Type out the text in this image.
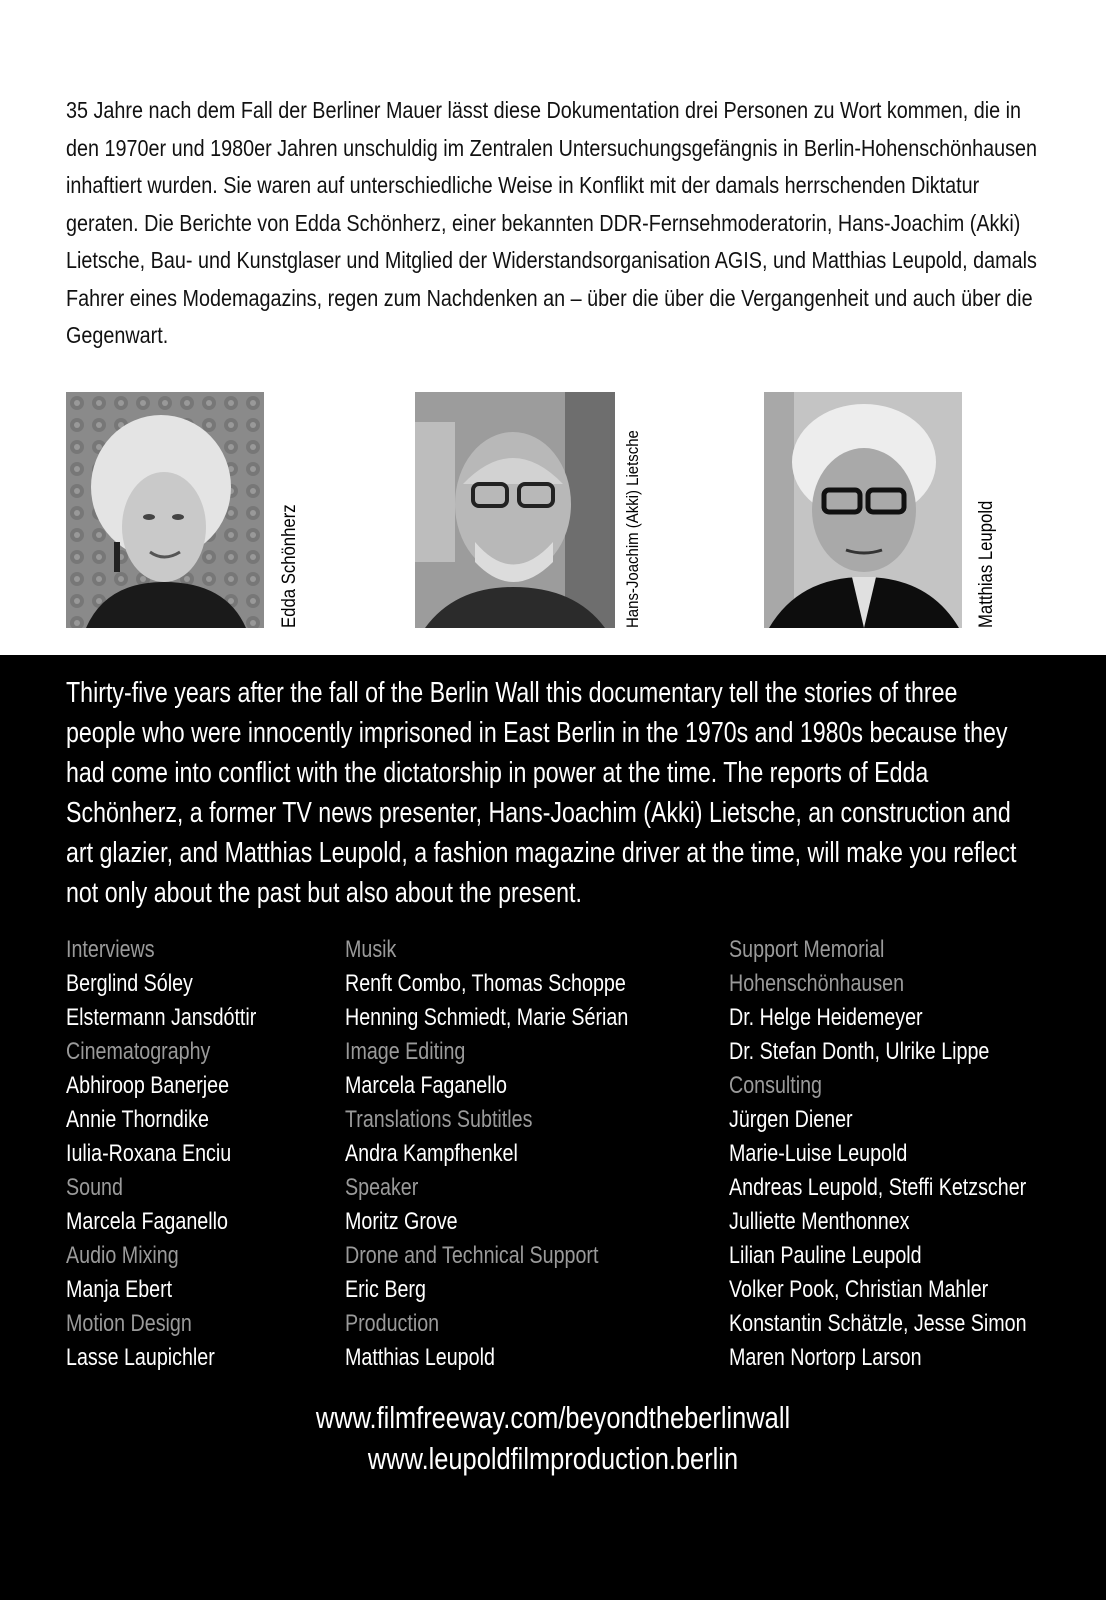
35 Jahre nach dem Fall der Berliner Mauer lässt diese Dokumentation drei Personen zu Wort kommen, die in den 1970er und 1980er Jahren unschuldig im Zentralen Untersuchungsgefängnis in Berlin-Hohenschönhausen inhaftiert wurden. Sie waren auf unterschiedliche Weise in Konflikt mit der damals herrschenden Diktatur geraten. Die Berichte von Edda Schönherz, einer bekannten DDR-Fernsehmoderatorin, Hans-Joachim (Akki) Lietsche, Bau- und Kunstglaser und Mitglied der Widerstandsorganisation AGIS, und Matthias Leupold, damals Fahrer eines Modemagazins, regen zum Nachdenken an – über die über die Vergangenheit und auch über die Gegenwart.

Edda Schönherz	Hans-Joachim (Akki) Lietsche	Matthias Leupold

Thirty-five years after the fall of the Berlin Wall this documentary tell the stories of three people who were innocently imprisoned in East Berlin in the 1970s and 1980s because they had come into conflict with the dictatorship in power at the time. The reports of Edda Schönherz, a former TV news presenter, Hans-Joachim (Akki) Lietsche, an construction and art glazier, and Matthias Leupold, a fashion magazine driver at the time, will make you reflect not only about the past but also about the present.

Interviews
Berglind Sóley
Elstermann Jansdóttir
Cinematography
Abhiroop Banerjee
Annie Thorndike
Iulia-Roxana Enciu
Sound
Marcela Faganello
Audio Mixing
Manja Ebert
Motion Design
Lasse Laupichler
Musik
Renft Combo, Thomas Schoppe
Henning Schmiedt, Marie Sérian
Image Editing
Marcela Faganello
Translations Subtitles
Andra Kampfhenkel
Speaker
Moritz Grove
Drone and Technical Support
Eric Berg
Production
Matthias Leupold
Support Memorial
Hohenschönhausen
Dr. Helge Heidemeyer
Dr. Stefan Donth, Ulrike Lippe
Consulting
Jürgen Diener
Marie-Luise Leupold
Andreas Leupold, Steffi Ketzscher
Julliette Menthonnex
Lilian Pauline Leupold
Volker Pook, Christian Mahler
Konstantin Schätzle, Jesse Simon
Maren Nortorp Larson
www.filmfreeway.com/beyondtheberlinwall
www.leupoldfilmproduction.berlin
